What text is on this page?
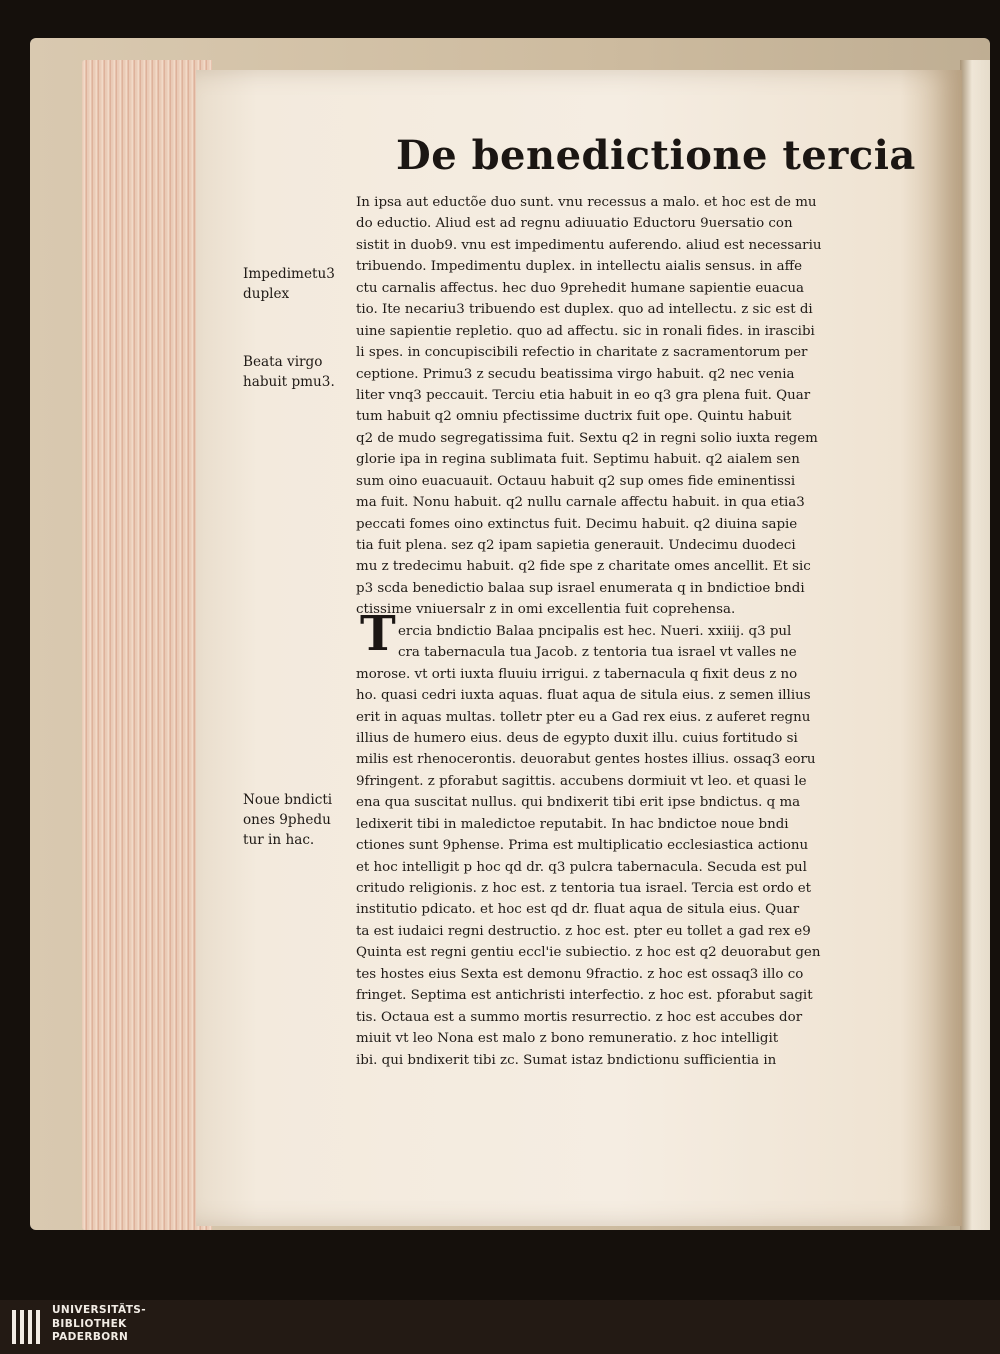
De benedictione tercia
T
In ipsa aut eductõe duo sunt. vnu recessus a malo. et hoc est de mu
do eductio. Aliud est ad regnu adiuuatio Eductoru 9uersatio con
sistit in duob9. vnu est impedimentu auferendo. aliud est necessariu
tribuendo. Impedimentu duplex. in intellectu aialis sensus. in affe
ctu carnalis affectus. hec duo 9prehedit humane sapientie euacua
tio. Ite necariu3 tribuendo est duplex. quo ad intellectu. z sic est di
uine sapientie repletio. quo ad affectu. sic in ronali fides. in irascibi
li spes. in concupiscibili refectio in charitate z sacramentorum per
ceptione. Primu3 z secudu beatissima virgo habuit. q2 nec venia
liter vnq3 peccauit. Terciu etia habuit in eo q3 gra plena fuit. Quar
tum habuit q2 omniu pfectissime ductrix fuit ope. Quintu habuit
q2 de mudo segregatissima fuit. Sextu q2 in regni solio iuxta regem
glorie ipa in regina sublimata fuit. Septimu habuit. q2 aialem sen
sum oino euacuauit. Octauu habuit q2 sup omes fide eminentissi
ma fuit. Nonu habuit. q2 nullu carnale affectu habuit. in qua etia3
peccati fomes oino extinctus fuit. Decimu habuit. q2 diuina sapie
tia fuit plena. sez q2 ipam sapietia generauit. Undecimu duodeci
mu z tredecimu habuit. q2 fide spe z charitate omes ancellit. Et sic
p3 scda benedictio balaa sup israel enumerata q in bndictioe bndi
ctissime vniuersalr z in omi excellentia fuit coprehensa.
ercia bndictio Balaa pncipalis est hec. Nueri. xxiiij. q3 pul
cra tabernacula tua Jacob. z tentoria tua israel vt valles ne
morose. vt orti iuxta fluuiu irrigui. z tabernacula q fixit deus z no
ho. quasi cedri iuxta aquas. fluat aqua de situla eius. z semen illius
erit in aquas multas. tolletr pter eu a Gad rex eius. z auferet regnu
illius de humero eius. deus de egypto duxit illu. cuius fortitudo si
milis est rhenocerontis. deuorabut gentes hostes illius. ossaq3 eoru
9fringent. z pforabut sagittis. accubens dormiuit vt leo. et quasi le
ena qua suscitat nullus. qui bndixerit tibi erit ipse bndictus. q ma
ledixerit tibi in maledictoe reputabit. In hac bndictoe noue bndi
ctiones sunt 9phense. Prima est multiplicatio ecclesiastica actionu
et hoc intelligit p hoc qd dr. q3 pulcra tabernacula. Secuda est pul
critudo religionis. z hoc est. z tentoria tua israel. Tercia est ordo et
institutio pdicato. et hoc est qd dr. fluat aqua de situla eius. Quar
ta est iudaici regni destructio. z hoc est. pter eu tollet a gad rex e9
Quinta est regni gentiu eccl'ie subiectio. z hoc est q2 deuorabut gen
tes hostes eius Sexta est demonu 9fractio. z hoc est ossaq3 illo co
fringet. Septima est antichristi interfectio. z hoc est. pforabut sagit
tis. Octaua est a summo mortis resurrectio. z hoc est accubes dor
miuit vt leo Nona est malo z bono remuneratio. z hoc intelligit
ibi. qui bndixerit tibi zc. Sumat istaz bndictionu sufficientia in
Impedimetu3
duplex
Beata virgo
habuit pmu3.
Noue bndicti
ones 9phedu
tur in hac.
UNIVERSITÄTS-
BIBLIOTHEK
PADERBORN
